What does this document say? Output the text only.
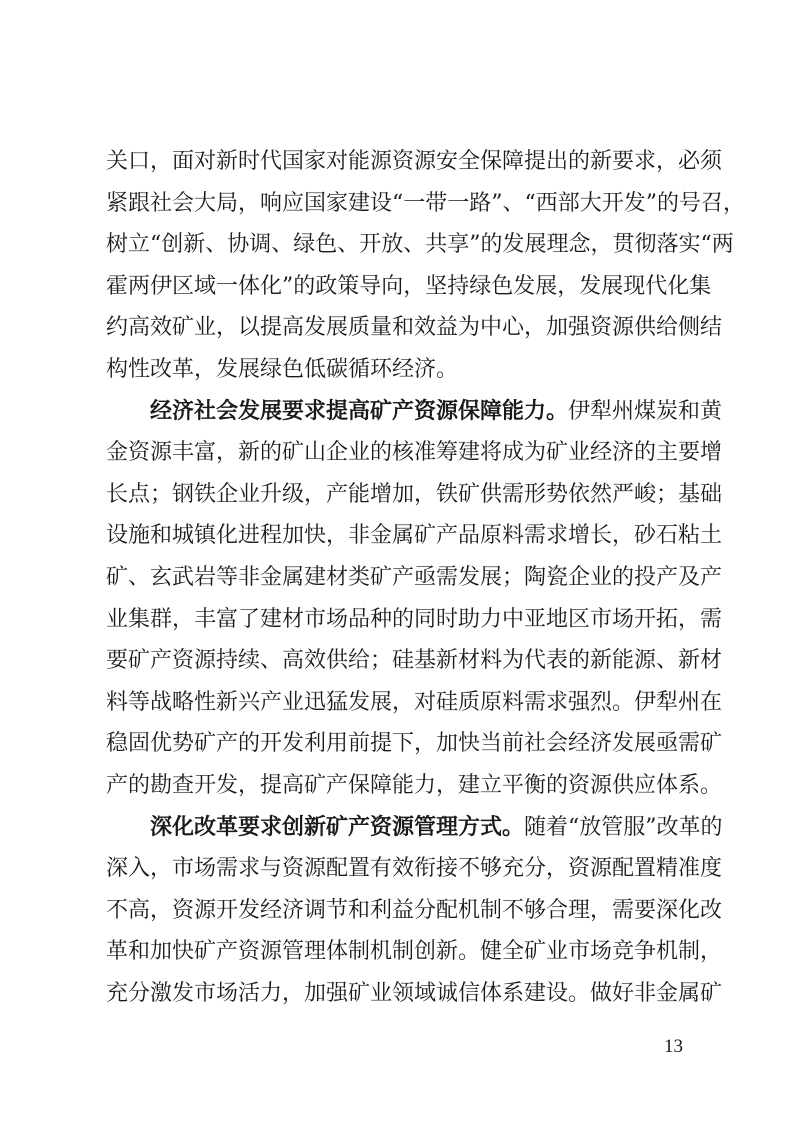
关口，面对新时代国家对能源资源安全保障提出的新要求，必须
紧跟社会大局，响应国家建设“一带一路”、“西部大开发”的号召，
树立“创新、协调、绿色、开放、共享”的发展理念，贯彻落实“两
霍两伊区域一体化”的政策导向，坚持绿色发展，发展现代化集
约高效矿业，以提高发展质量和效益为中心，加强资源供给侧结
构性改革，发展绿色低碳循环经济。
经济社会发展要求提高矿产资源保障能力。伊犁州煤炭和黄
金资源丰富，新的矿山企业的核准筹建将成为矿业经济的主要增
长点；钢铁企业升级，产能增加，铁矿供需形势依然严峻；基础
设施和城镇化进程加快，非金属矿产品原料需求增长，砂石粘土
矿、玄武岩等非金属建材类矿产亟需发展；陶瓷企业的投产及产
业集群，丰富了建材市场品种的同时助力中亚地区市场开拓，需
要矿产资源持续、高效供给；硅基新材料为代表的新能源、新材
料等战略性新兴产业迅猛发展，对硅质原料需求强烈。伊犁州在
稳固优势矿产的开发利用前提下，加快当前社会经济发展亟需矿
产的勘查开发，提高矿产保障能力，建立平衡的资源供应体系。
深化改革要求创新矿产资源管理方式。随着“放管服”改革的
深入，市场需求与资源配置有效衔接不够充分，资源配置精准度
不高，资源开发经济调节和利益分配机制不够合理，需要深化改
革和加快矿产资源管理体制机制创新。健全矿业市场竞争机制，
充分激发市场活力，加强矿业领域诚信体系建设。做好非金属矿
13
